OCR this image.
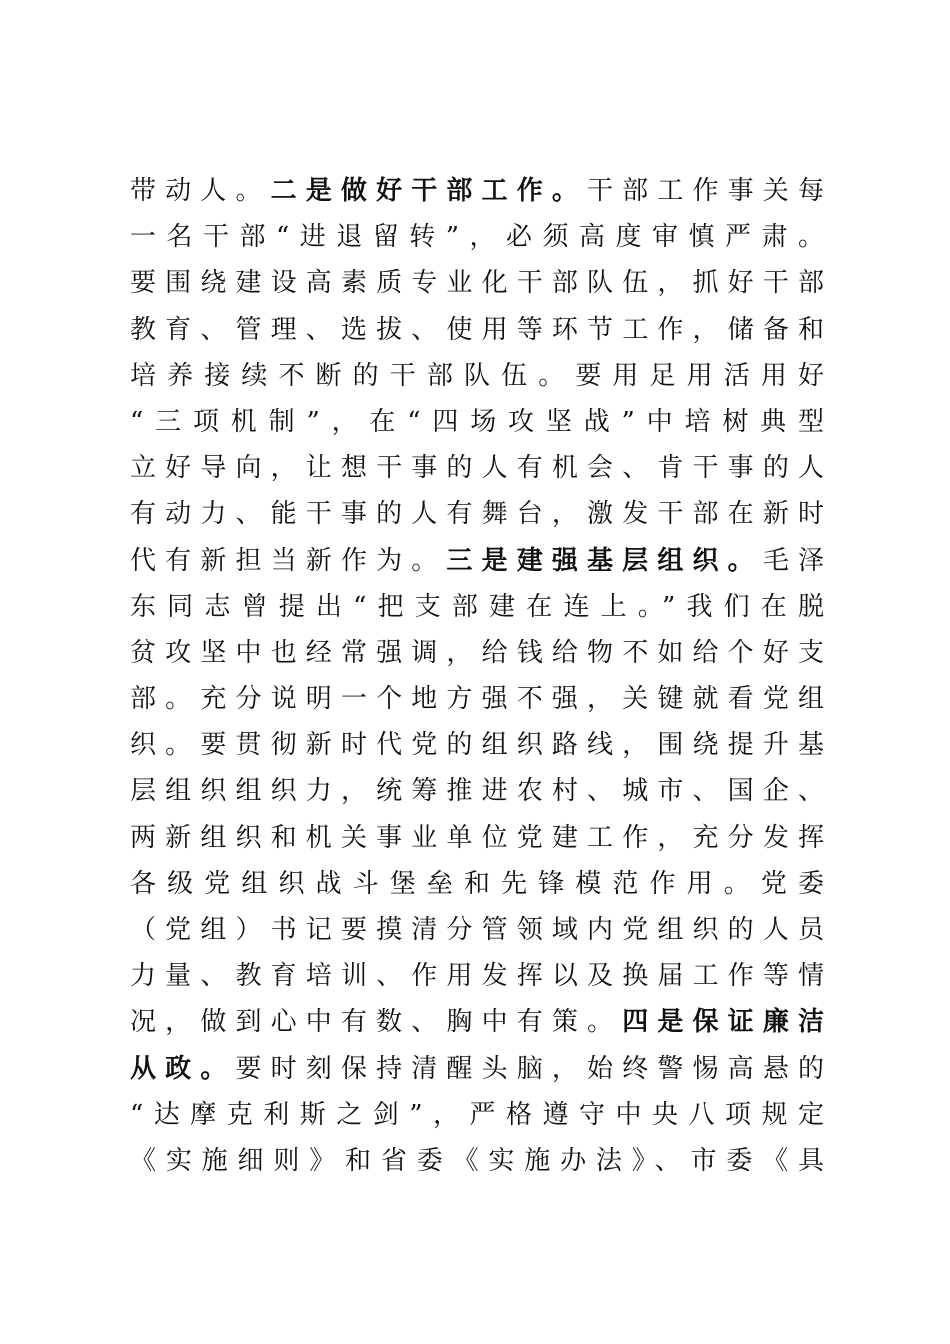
带动人。二是做好干部工作。干部工作事关每
一名干部“进退留转”，必须高度审慎严肃。
要围绕建设高素质专业化干部队伍，抓好干部
教育、管理、选拔、使用等环节工作，储备和
培养接续不断的干部队伍。要用足用活用好
“三项机制”，在“四场攻坚战”中培树典型
立好导向，让想干事的人有机会、肯干事的人
有动力、能干事的人有舞台，激发干部在新时
代有新担当新作为。三是建强基层组织。毛泽
东同志曾提出“把支部建在连上。”我们在脱
贫攻坚中也经常强调，给钱给物不如给个好支
部。充分说明一个地方强不强，关键就看党组
织。要贯彻新时代党的组织路线，围绕提升基
层组织组织力，统筹推进农村、城市、国企、
两新组织和机关事业单位党建工作，充分发挥
各级党组织战斗堡垒和先锋模范作用。党委
（党组）书记要摸清分管领域内党组织的人员
力量、教育培训、作用发挥以及换届工作等情
况，做到心中有数、胸中有策。四是保证廉洁
从政。要时刻保持清醒头脑，始终警惕高悬的
“达摩克利斯之剑”，严格遵守中央八项规定
《实施细则》和省委《实施办法》、市委《具
